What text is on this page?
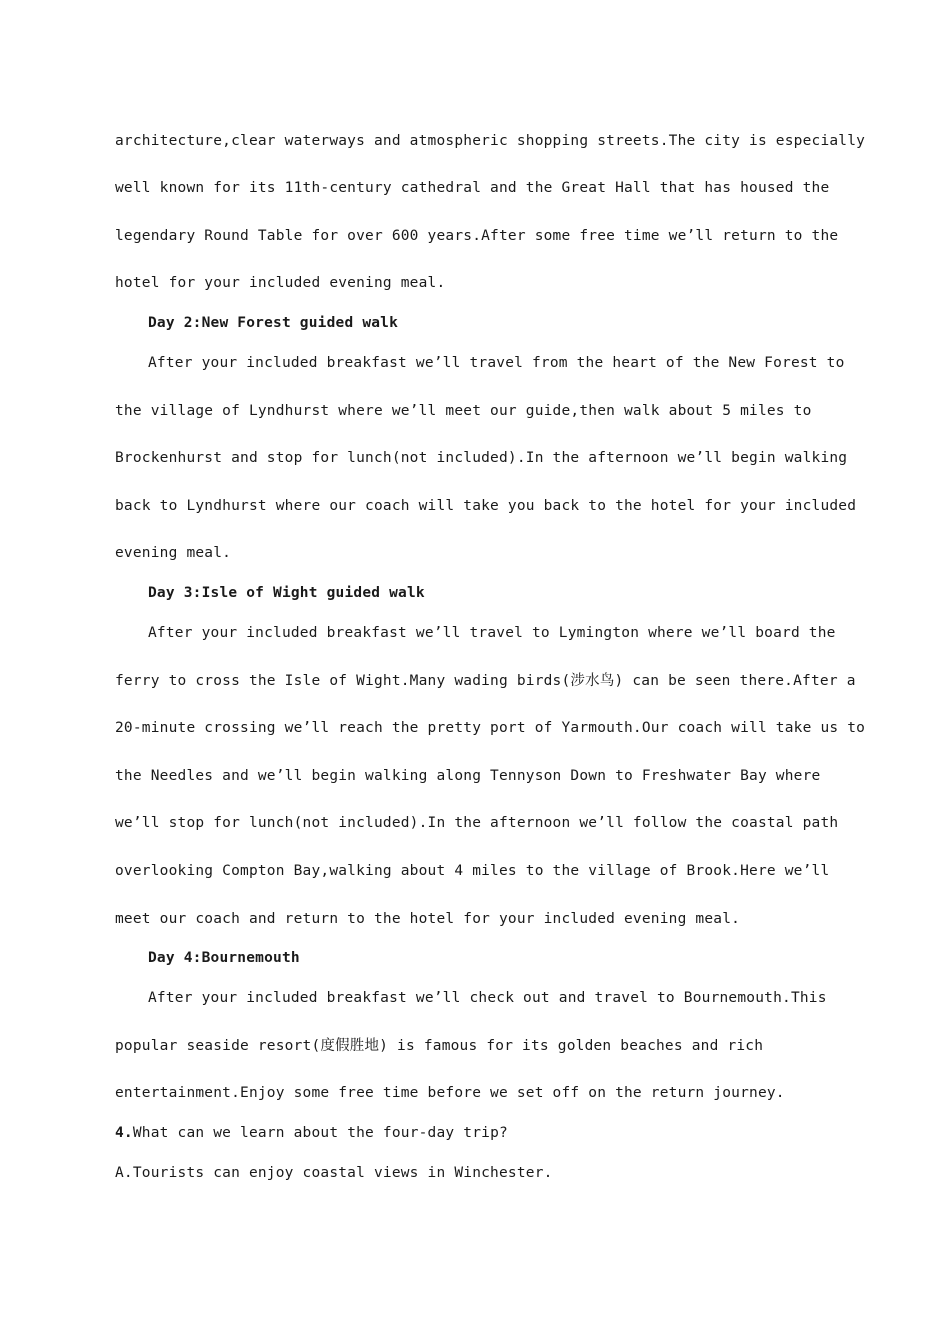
architecture,clear waterways and atmospheric shopping streets.The city is especially
well known for its 11th-century cathedral and the Great Hall that has housed the
legendary Round Table for over 600 years.After some free time we’ll return to the
hotel for your included evening meal.
Day 2:New Forest guided walk
After your included breakfast we’ll travel from the heart of the New Forest to
the village of Lyndhurst where we’ll meet our guide,then walk about 5 miles to
Brockenhurst and stop for lunch(not included).In the afternoon we’ll begin walking
back to Lyndhurst where our coach will take you back to the hotel for your included
evening meal.
Day 3:Isle of Wight guided walk
After your included breakfast we’ll travel to Lymington where we’ll board the
ferry to cross the Isle of Wight.Many wading birds(涉水鸟) can be seen there.After a
20-minute crossing we’ll reach the pretty port of Yarmouth.Our coach will take us to
the Needles and we’ll begin walking along Tennyson Down to Freshwater Bay where
we’ll stop for lunch(not included).In the afternoon we’ll follow the coastal path
overlooking Compton Bay,walking about 4 miles to the village of Brook.Here we’ll
meet our coach and return to the hotel for your included evening meal.
Day 4:Bournemouth
After your included breakfast we’ll check out and travel to Bournemouth.This
popular seaside resort(度假胜地) is famous for its golden beaches and rich
entertainment.Enjoy some free time before we set off on the return journey.
4.What can we learn about the four-day trip?
A.Tourists can enjoy coastal views in Winchester.
